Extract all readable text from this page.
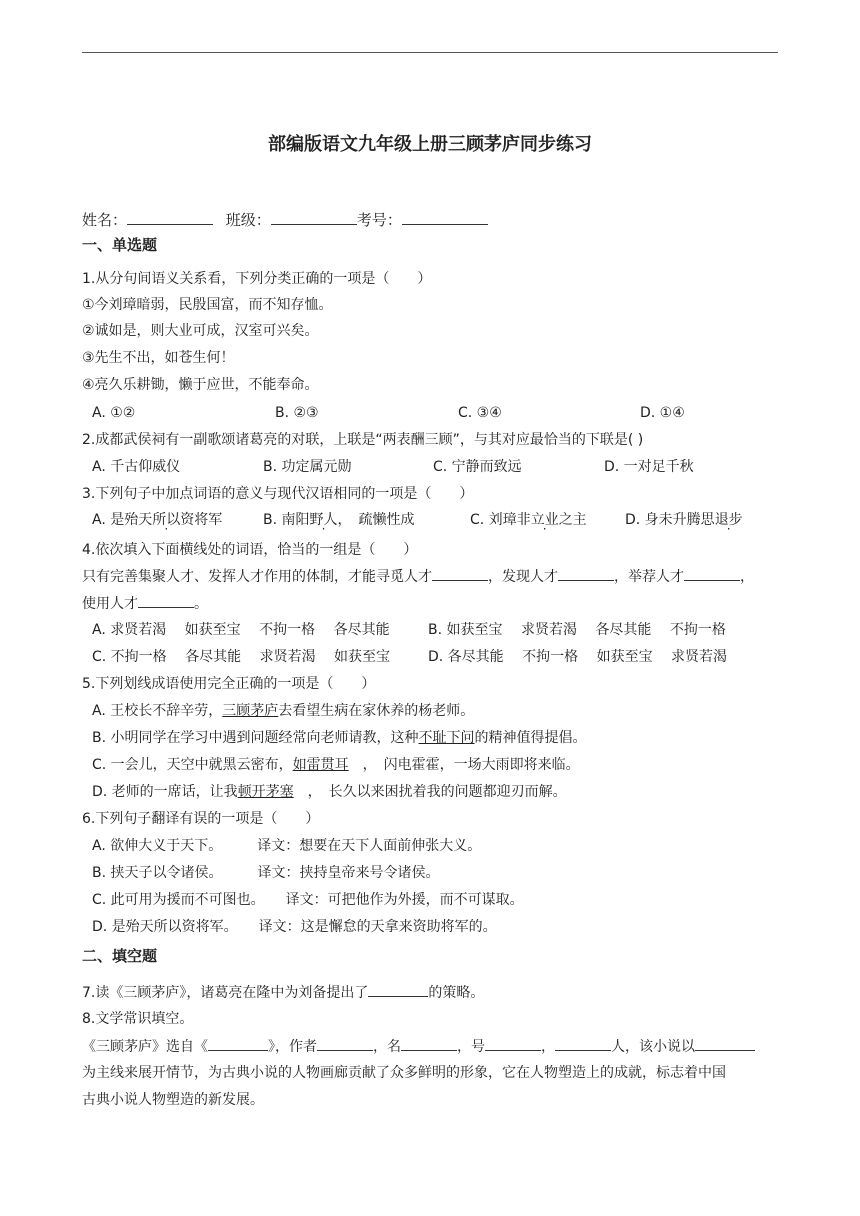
部编版语文九年级上册三顾茅庐同步练习
姓名：	班级：	考号：
一、单选题
1.从分句间语义关系看，下列分类正确的一项是（　　）
①今刘璋暗弱，民殷国富，而不知存恤。
②诚如是，则大业可成，汉室可兴矣。
③先生不出，如苍生何！
④亮久乐耕锄，懒于应世，不能奉命。
A. ①②	B. ②③	C. ③④	D. ①④
2.成都武侯祠有一副歌颂诸葛亮的对联，上联是“两表酬三顾”，与其对应最恰当的下联是( )
A. 千古仰威仪	B. 功定属元勋	C. 宁静而致远	D. 一对足千秋
3.下列句子中加点词语的意义与现代汉语相同的一项是（　　）
A. 是殆天所以资将军	B. 南阳野人，　疏懒性成	C. 刘璋非立业之主	D. 身未升腾思退步
4.依次填入下面横线处的词语，恰当的一组是（　　）
只有完善集聚人才、发挥人才作用的体制，才能寻觅人才	，发现人才	，举荐人才	，
使用人才	。
A. 求贤若渴　 如获至宝　 不拘一格　 各尽其能	B. 如获至宝　 求贤若渴　 各尽其能　 不拘一格
C. 不拘一格　 各尽其能　 求贤若渴　 如获至宝	D. 各尽其能　 不拘一格　 如获至宝　 求贤若渴
5.下列划线成语使用完全正确的一项是（　　）
A. 王校长不辞辛劳，三顾茅庐去看望生病在家休养的杨老师。
B. 小明同学在学习中遇到问题经常向老师请教，这种不耻下问的精神值得提倡。
C. 一会儿，天空中就黑云密布，如雷贯耳　，　闪电霍霍，一场大雨即将来临。
D. 老师的一席话，让我顿开茅塞　，　长久以来困扰着我的问题都迎刃而解。
6.下列句子翻译有误的一项是（　　）
A. 欲伸大义于天下。　　　译文：想要在天下人面前伸张大义。
B. 挟天子以令诸侯。　　　译文：挟持皇帝来号令诸侯。
C. 此可用为援而不可图也。　　译文：可把他作为外援，而不可谋取。
D. 是殆天所以资将军。　　译文：这是懈怠的天拿来资助将军的。
二、填空题
7.读《三顾茅庐》，诸葛亮在隆中为刘备提出了	的策略。
8.文学常识填空。
《三顾茅庐》选自《	》，作者	，名	，号	，	人，该小说以
为主线来展开情节，为古典小说的人物画廊贡献了众多鲜明的形象，它在人物塑造上的成就，标志着中国
古典小说人物塑造的新发展。
